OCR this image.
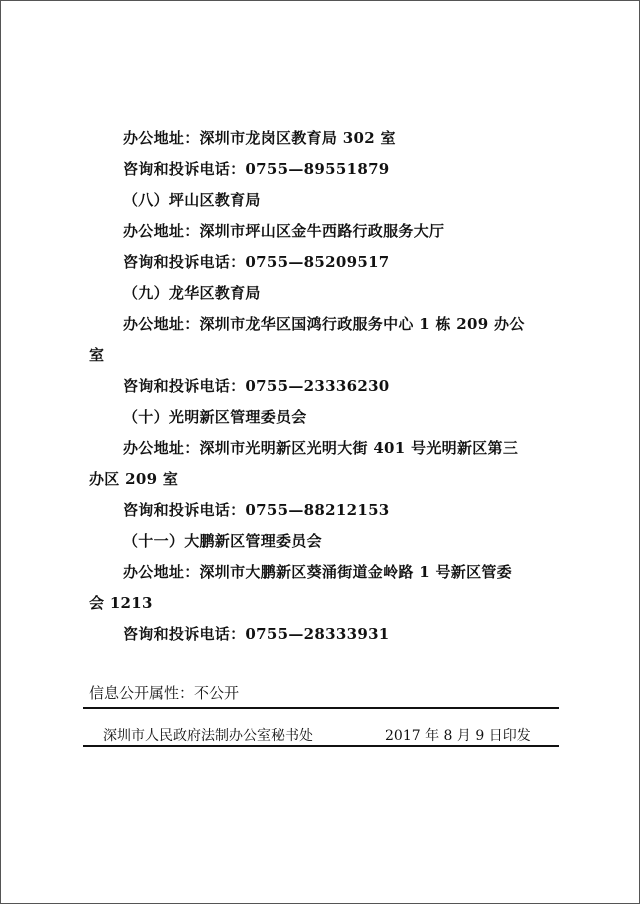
办公地址：深圳市龙岗区教育局 302 室
咨询和投诉电话：0755—89551879
（八）坪山区教育局
办公地址：深圳市坪山区金牛西路行政服务大厅
咨询和投诉电话：0755—85209517
（九）龙华区教育局
办公地址：深圳市龙华区国鸿行政服务中心 1 栋 209 办公
室
咨询和投诉电话：0755—23336230
（十）光明新区管理委员会
办公地址：深圳市光明新区光明大街 401 号光明新区第三
办区 209 室
咨询和投诉电话：0755—88212153
（十一）大鹏新区管理委员会
办公地址：深圳市大鹏新区葵涌街道金岭路 1 号新区管委
会 1213
咨询和投诉电话：0755—28333931
信息公开属性：不公开
深圳市人民政府法制办公室秘书处	2017 年 8 月 9 日印发
